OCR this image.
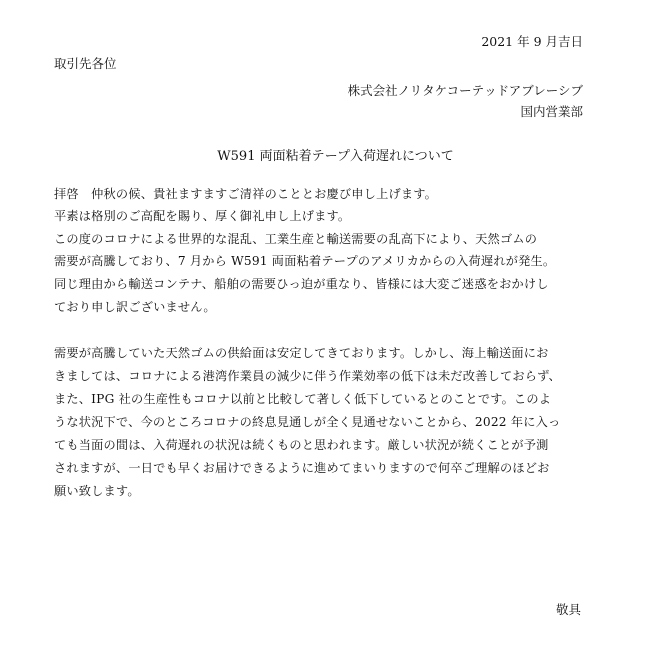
2021 年 9 月吉日
取引先各位
株式会社ノリタケコーテッドアブレーシブ
国内営業部
W591 両面粘着テープ入荷遅れについて
拝啓　仲秋の候、貴社ますますご清祥のこととお慶び申し上げます。
平素は格別のご高配を賜り、厚く御礼申し上げます。
この度のコロナによる世界的な混乱、工業生産と輸送需要の乱高下により、天然ゴムの
需要が高騰しており、7 月から W591 両面粘着テープのアメリカからの入荷遅れが発生。
同じ理由から輸送コンテナ、船舶の需要ひっ迫が重なり、皆様には大変ご迷惑をおかけし
ており申し訳ございません。
需要が高騰していた天然ゴムの供給面は安定してきております。しかし、海上輸送面にお
きましては、コロナによる港湾作業員の減少に伴う作業効率の低下は未だ改善しておらず、
また、IPG 社の生産性もコロナ以前と比較して著しく低下しているとのことです。このよ
うな状況下で、今のところコロナの終息見通しが全く見通せないことから、2022 年に入っ
ても当面の間は、入荷遅れの状況は続くものと思われます。厳しい状況が続くことが予測
されますが、一日でも早くお届けできるように進めてまいりますので何卒ご理解のほどお
願い致します。
敬具
